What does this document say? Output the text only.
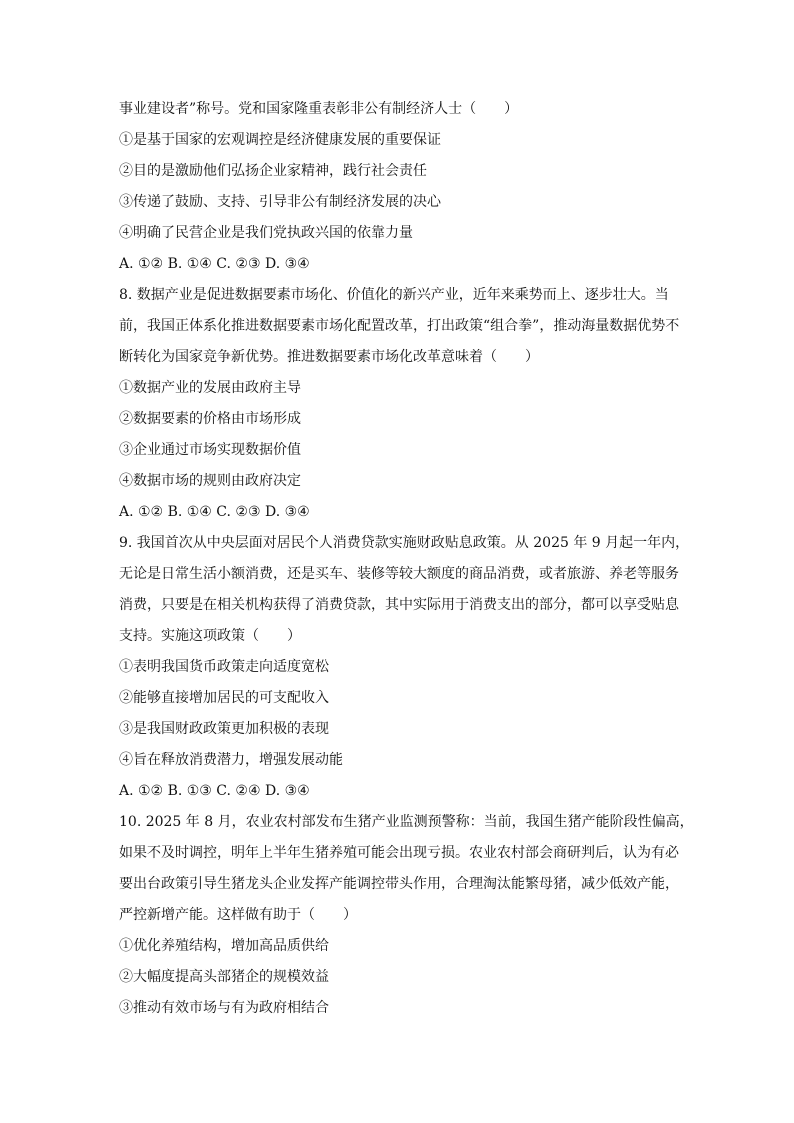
事业建设者”称号。党和国家隆重表彰非公有制经济人士（　　）

①是基于国家的宏观调控是经济健康发展的重要保证

②目的是激励他们弘扬企业家精神，践行社会责任

③传递了鼓励、支持、引导非公有制经济发展的决心

④明确了民营企业是我们党执政兴国的依靠力量

A. ①② B. ①④ C. ②③ D. ③④

8. 数据产业是促进数据要素市场化、价值化的新兴产业，近年来乘势而上、逐步壮大。当

前，我国正体系化推进数据要素市场化配置改革，打出政策“组合拳”，推动海量数据优势不

断转化为国家竞争新优势。推进数据要素市场化改革意味着（　　）

①数据产业的发展由政府主导

②数据要素的价格由市场形成

③企业通过市场实现数据价值

④数据市场的规则由政府决定

A. ①② B. ①④ C. ②③ D. ③④

9. 我国首次从中央层面对居民个人消费贷款实施财政贴息政策。从 2025 年 9 月起一年内，

无论是日常生活小额消费，还是买车、装修等较大额度的商品消费，或者旅游、养老等服务

消费，只要是在相关机构获得了消费贷款，其中实际用于消费支出的部分，都可以享受贴息

支持。实施这项政策（　　）

①表明我国货币政策走向适度宽松

②能够直接增加居民的可支配收入

③是我国财政政策更加积极的表现

④旨在释放消费潜力，增强发展动能

A. ①② B. ①③ C. ②④ D. ③④

10. 2025 年 8 月，农业农村部发布生猪产业监测预警称：当前，我国生猪产能阶段性偏高，

如果不及时调控，明年上半年生猪养殖可能会出现亏损。农业农村部会商研判后，认为有必

要出台政策引导生猪龙头企业发挥产能调控带头作用，合理淘汰能繁母猪，减少低效产能，

严控新增产能。这样做有助于（　　）

①优化养殖结构，增加高品质供给

②大幅度提高头部猪企的规模效益

③推动有效市场与有为政府相结合
